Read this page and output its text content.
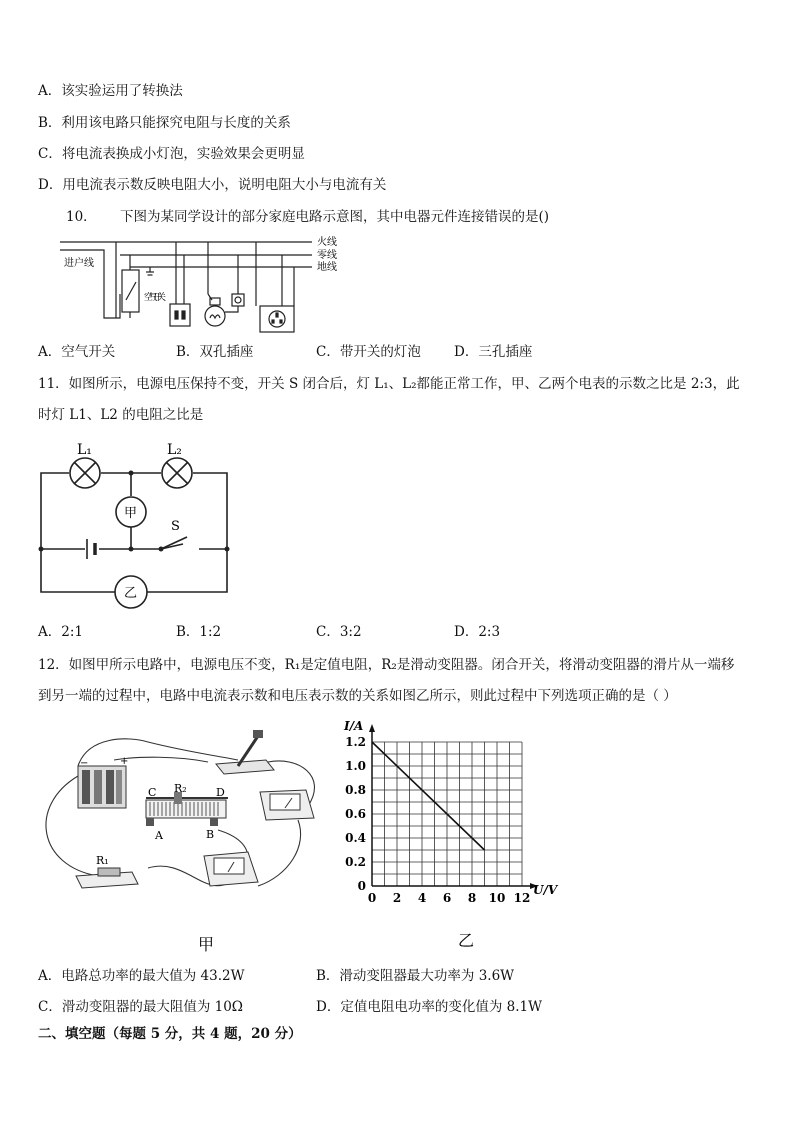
A．该实验运用了转换法
B．利用该电路只能探究电阻与长度的关系
C．将电流表换成小灯泡，实验效果会更明显
D．用电流表示数反映电阻大小，说明电阻大小与电流有关
10． 下图为某同学设计的部分家庭电路示意图，其中电器元件连接错误的是()
进户线
火线
零线
地线
空气开关
A．空气开关	B．双孔插座	C．带开关的灯泡 D．三孔插座
11．如图所示，电源电压保持不变，开关 S 闭合后，灯 L₁、L₂都能正常工作，甲、乙两个电表的示数之比是 2:3，此
时灯 L1、L2 的电阻之比是
L₁	L₂
甲
乙
S
A．2:1	B．1:2	C．3:2	D．2:3
12．如图甲所示电路中，电源电压不变，R₁是定值电阻，R₂是滑动变阻器。闭合开关，将滑动变阻器的滑片从一端移
到另一端的过程中，电路中电流表示数和电压表示数的关系如图乙所示，则此过程中下列选项正确的是（ ）
−	+
C R₂	D
A	B
R₁
甲
0 2 4 6 8 10 12
0
0.2
0.4
0.6
0.8
1.0
1.2
I/A
U/V
乙
A．电路总功率的最大值为 43.2W	B．滑动变阻器最大功率为 3.6W
C．滑动变阻器的最大阻值为 10Ω	D．定值电阻电功率的变化值为 8.1W
二、填空题（每题 5 分，共 4 题，20 分）
